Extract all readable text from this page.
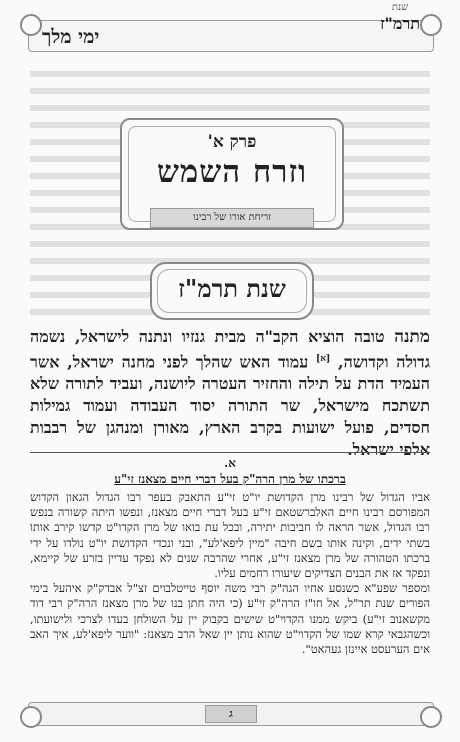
ימי מלך
שנת
תרמ"ז
פרק א'
וזרח השמש
זריחת אורו של רבינו
שנת תרמ"ז
מתנה טובה הוציא הקב"ה מבית גנזיו ונתנה לישראל, נשמה גדולה וקדושה, [א] עמוד האש שהלך לפני מחנה ישראל, אשר העמיד הדת על תילה והחזיר העטרה ליושנה, ועביד לתורה שלא תשתכח מישראל, שר התורה יסוד העבודה ועמוד גמילות חסדים, פועל ישועות בקרב הארץ, מאורן ומנהגן של רבבות אלפי ישראל.
א.
ברכתו של מרן הרה"ק בעל דברי חיים מצאנז זי"ע

אביו הגדול של רבינו מרן הקדושת יו"ט זי"ע התאבק בעפר רבו הגדול הגאון הקדוש המפורסם רבינו חיים האלברשטאם זי"ע בעל דברי חיים מצאנז, ונפשו היתה קשורה בנפש רבו הגדול, אשר הראה לו חביבות יתירה, ובכל עת בואו של מרן הקדו"ט קדשו קירב אותו בשתי ידים, וקינה אותו בשם חיבה "מיין ליפא'לע", ובני ונכדי הקדושת יו"ט נולדו על ידי ברכתו הטהורה של מרן מצאנז זי"ע, אחרי שהרבה שנים לא נפקד עדיין בזרע של קיימא, ונפקד אז את הבנים הצדיקים שיעורו רחמים עליו.

ומספר שפע"א כשנסע אחיו הגה"ק רבי משה יוסף טייטלבוים זצ"ל אבדק"ק איהעל בימי הפורים שנת תר"ל, אל חו"ז הרה"ק זי"ע (כי היה חתן בנו של מרן מצאנז הרה"ק רבי דוד מקשאנוב זי"ע) ביקש ממנו הקדוי"ט שישים בקבוק יין על השולחן בעדו לצרכי ולישועתו, וכשהגבאי קרא שמו של הקדוי"ט שהוא נותן יין שאל הרב מצאנז: "ווער ליפא'לע, איך האב אים הערעסט איינזן געהאט".

ג
